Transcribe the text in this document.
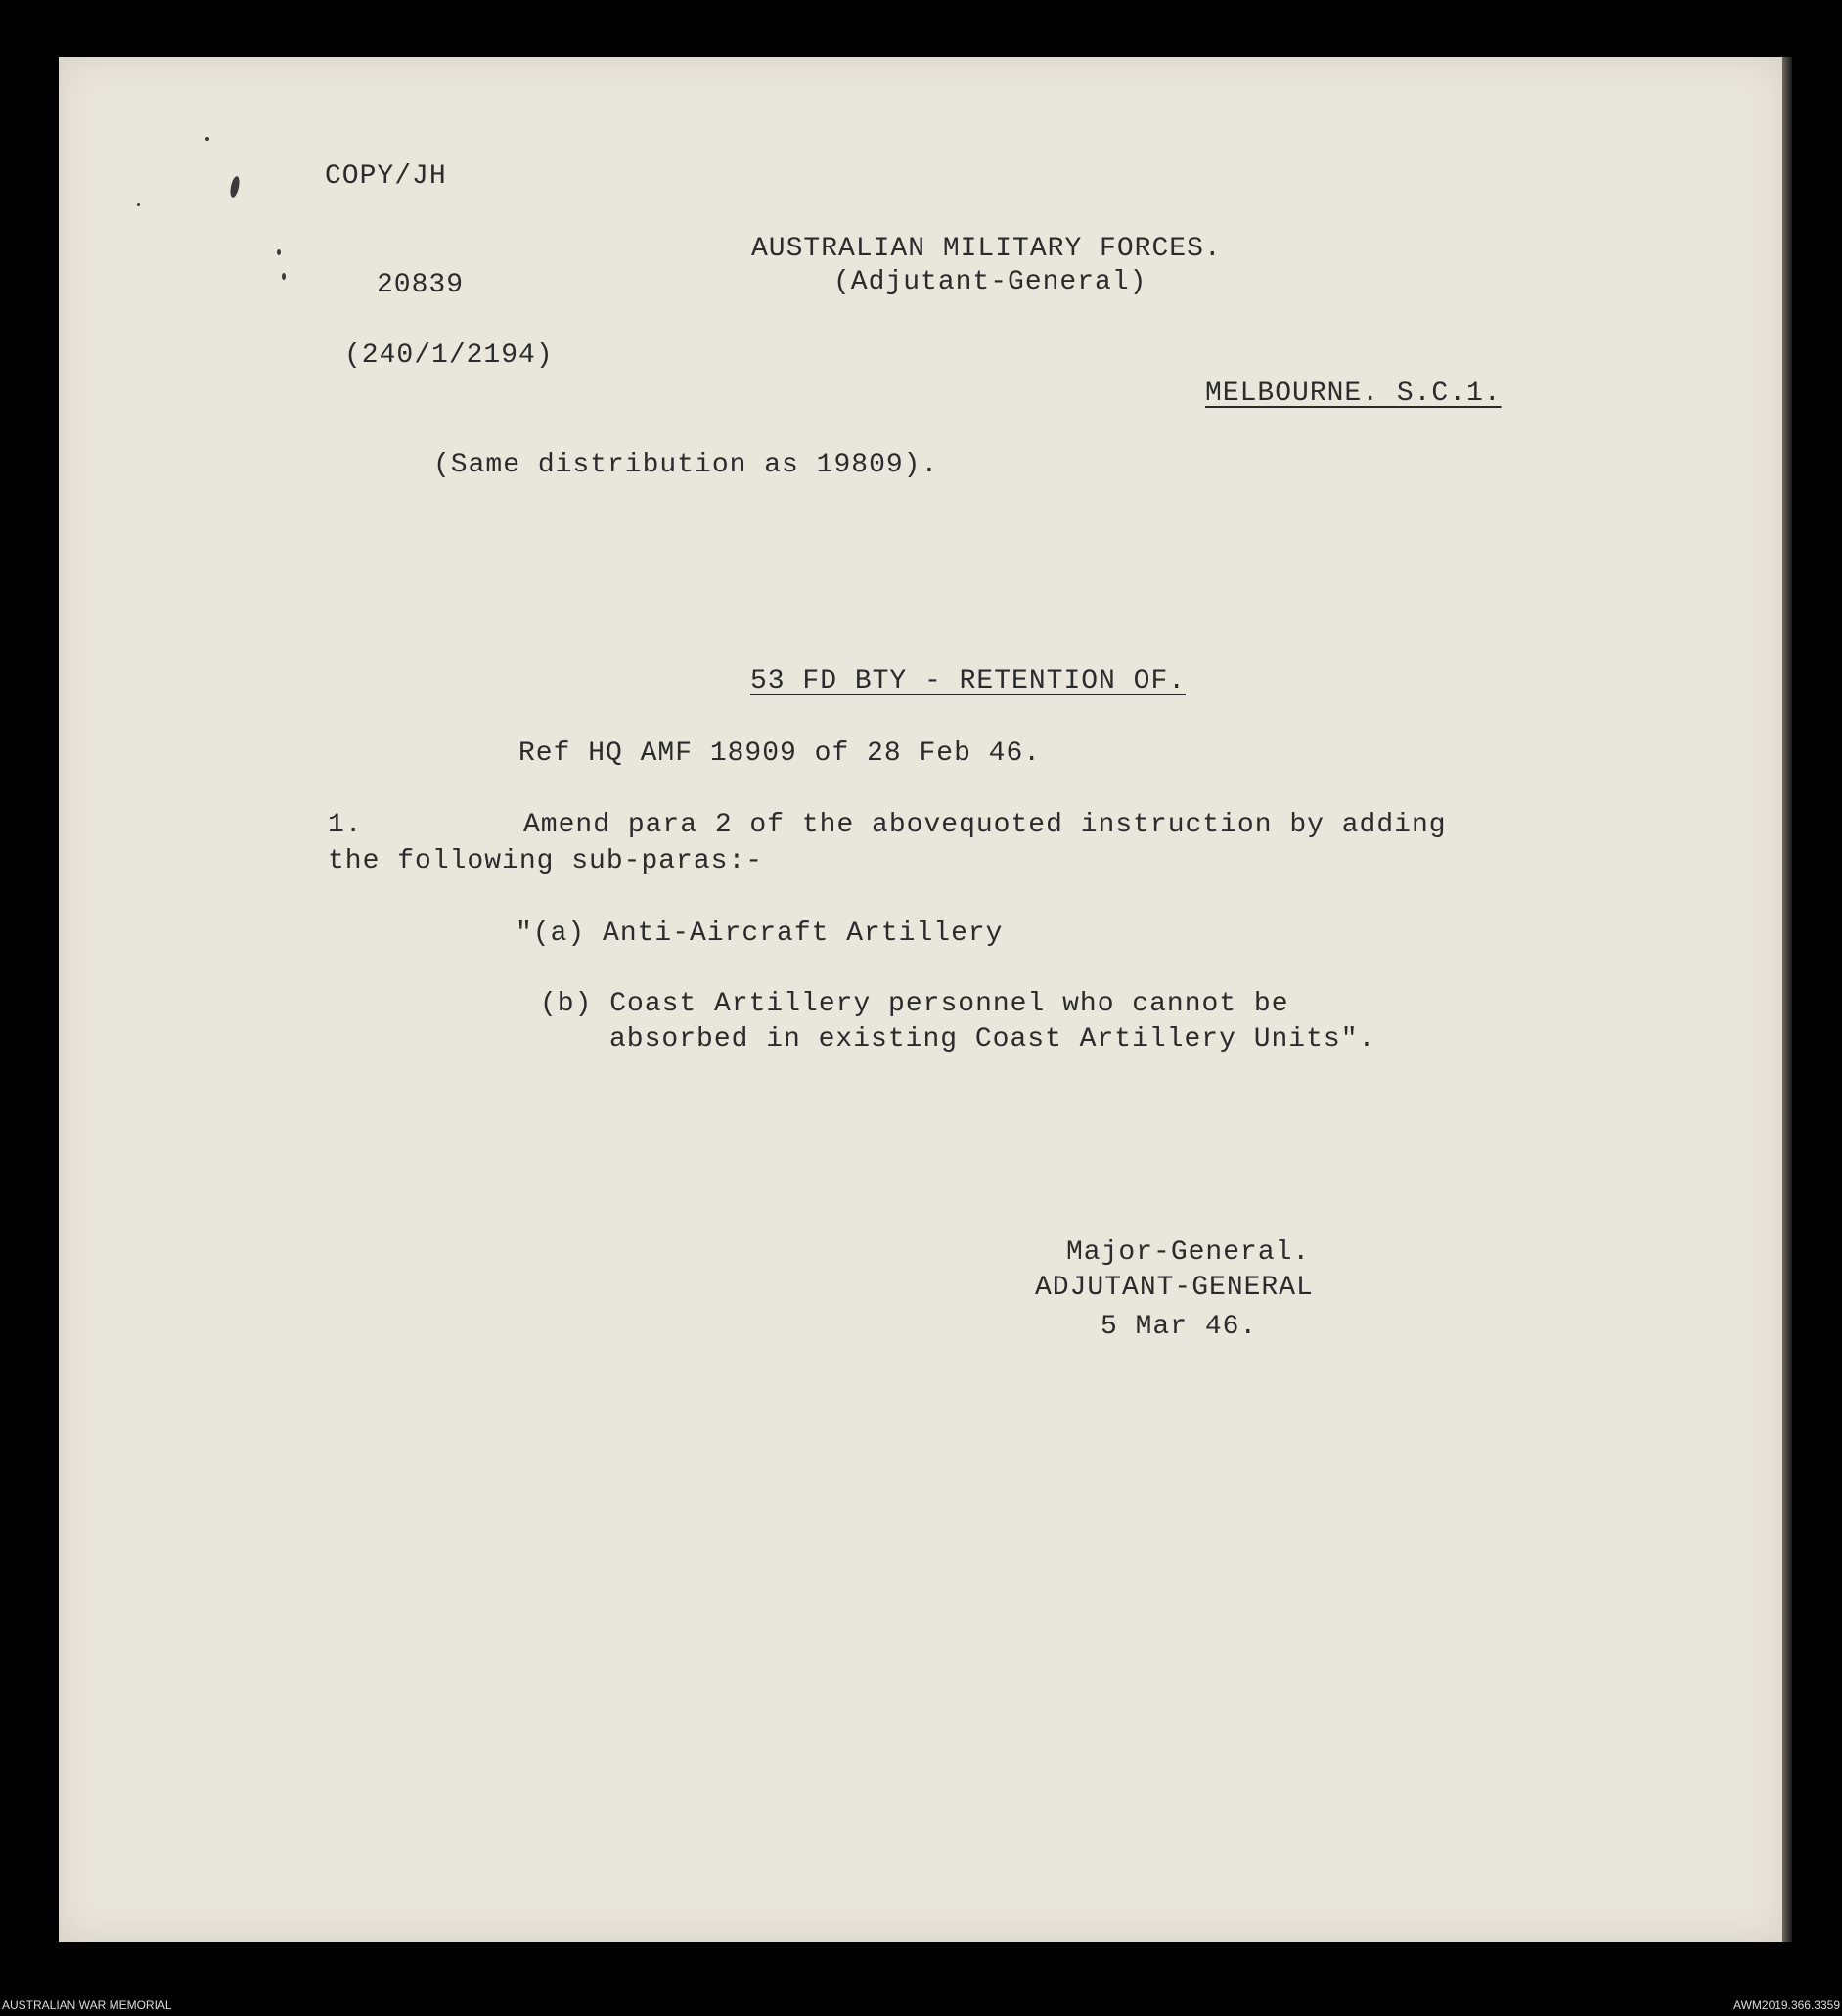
COPY/JH
AUSTRALIAN MILITARY FORCES.
20839	(Adjutant-General)
(240/1/2194)
MELBOURNE. S.C.1.
(Same distribution as 19809).
53 FD BTY - RETENTION OF.
Ref HQ AMF 18909 of 28 Feb 46.
1.	Amend para 2 of the abovequoted instruction by adding
the following sub-paras:-
"(a) Anti-Aircraft Artillery
(b) Coast Artillery personnel who cannot be
absorbed in existing Coast Artillery Units".
Major-General.
ADJUTANT-GENERAL
5 Mar 46.
AUSTRALIAN WAR MEMORIAL	AWM2019.366.3359
